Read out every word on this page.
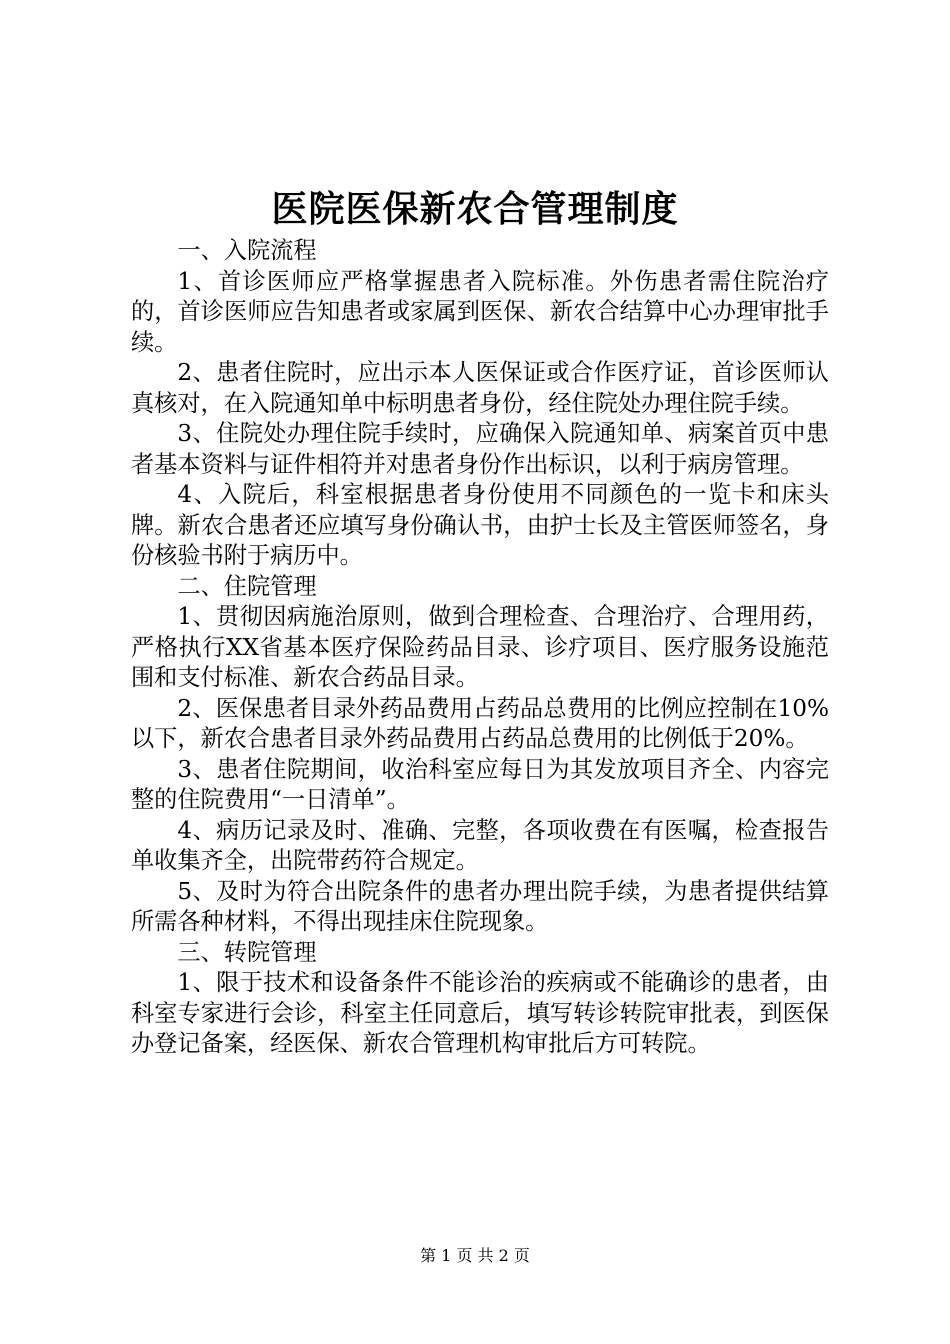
医院医保新农合管理制度

一、入院流程

1、首诊医师应严格掌握患者入院标准。外伤患者需住院治疗的，首诊医师应告知患者或家属到医保、新农合结算中心办理审批手续。

2、患者住院时，应出示本人医保证或合作医疗证，首诊医师认真核对，在入院通知单中标明患者身份，经住院处办理住院手续。

3、住院处办理住院手续时，应确保入院通知单、病案首页中患者基本资料与证件相符并对患者身份作出标识，以利于病房管理。

4、入院后，科室根据患者身份使用不同颜色的一览卡和床头牌。新农合患者还应填写身份确认书，由护士长及主管医师签名，身份核验书附于病历中。

二、住院管理

1、贯彻因病施治原则，做到合理检查、合理治疗、合理用药，严格执行XX省基本医疗保险药品目录、诊疗项目、医疗服务设施范围和支付标准、新农合药品目录。

2、医保患者目录外药品费用占药品总费用的比例应控制在10%以下，新农合患者目录外药品费用占药品总费用的比例低于20%。

3、患者住院期间，收治科室应每日为其发放项目齐全、内容完整的住院费用“一日清单”。

4、病历记录及时、准确、完整，各项收费在有医嘱，检查报告单收集齐全，出院带药符合规定。

5、及时为符合出院条件的患者办理出院手续，为患者提供结算所需各种材料，不得出现挂床住院现象。

三、转院管理

1、限于技术和设备条件不能诊治的疾病或不能确诊的患者，由科室专家进行会诊，科室主任同意后，填写转诊转院审批表，到医保办登记备案，经医保、新农合管理机构审批后方可转院。

第 1 页 共 2 页
